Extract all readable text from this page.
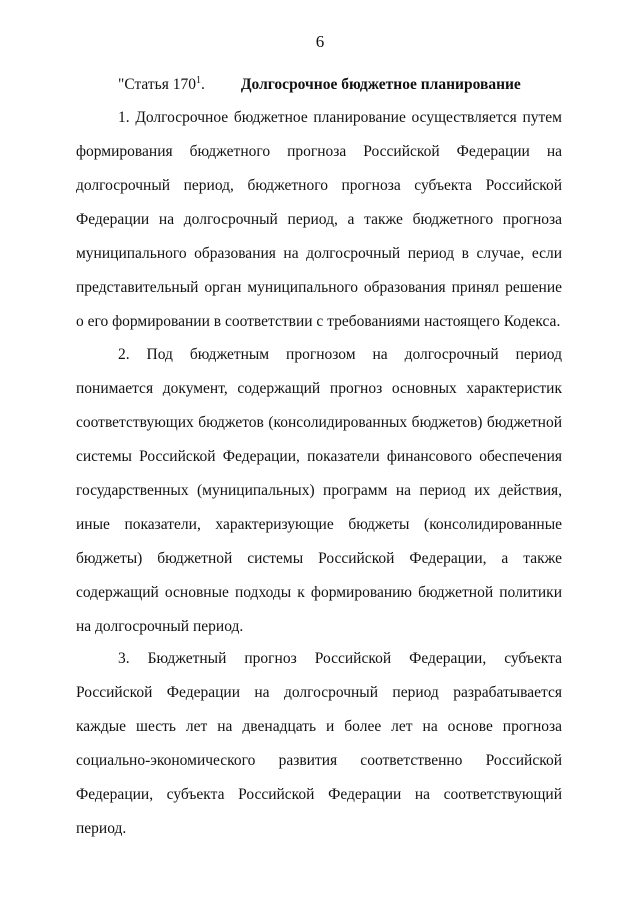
6
"Статья $170^1$. Долгосрочное бюджетное планирование

1. Долгосрочное бюджетное планирование осуществляется путем формирования бюджетного прогноза Российской Федерации на долгосрочный период, бюджетного прогноза субъекта Российской Федерации на долгосрочный период, а также бюджетного прогноза муниципального образования на долгосрочный период в случае, если представительный орган муниципального образования принял решение о его формировании в соответствии с требованиями настоящего Кодекса.

2. Под бюджетным прогнозом на долгосрочный период понимается документ, содержащий прогноз основных характеристик соответствующих бюджетов (консолидированных бюджетов) бюджетной системы Российской Федерации, показатели финансового обеспечения государственных (муниципальных) программ на период их действия, иные показатели, характеризующие бюджеты (консолидированные бюджеты) бюджетной системы Российской Федерации, а также содержащий основные подходы к формированию бюджетной политики на долгосрочный период.

3. Бюджетный прогноз Российской Федерации, субъекта Российской Федерации на долгосрочный период разрабатывается каждые шесть лет на двенадцать и более лет на основе прогноза социально-экономического развития соответственно Российской Федерации, субъекта Российской Федерации на соответствующий период.
